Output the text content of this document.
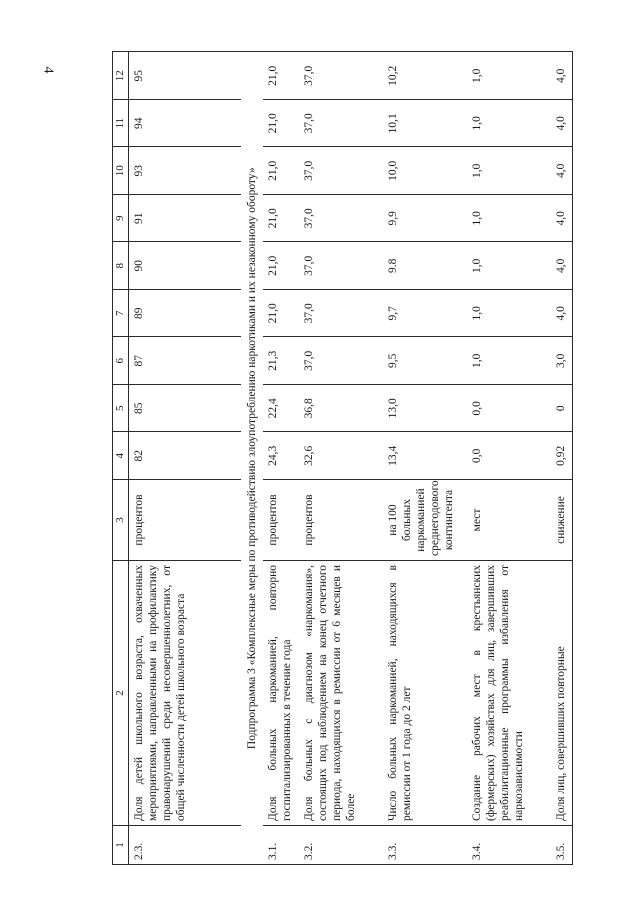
4
1	2	3	4	5	6	7	8	9	10	11	12
2.3.	Доля детей школьного возраста, охваченных мероприятиями, направленными на профилактику правонарушений среди несовершеннолетних, от общей численности детей школьного возраста	процентов	82	85	87	89	90	91	93	94	95
Подпрограмма 3 «Комплексные меры по противодействию злоупотреблению наркотиками и их незаконному обороту»											
3.1.	Доля больных наркоманией, повторно госпитализированных в течение года	процентов	24,3	22,4	21,3	21,0	21,0	21,0	21,0	21,0	21,0
3.2.	Доля больных с диагнозом «наркомания», состоящих под наблюдением на конец отчетного периода, находящихся в ремиссии от 6 месяцев и более	процентов	32,6	36,8	37,0	37,0	37,0	37,0	37,0	37,0	37,0
3.3.	Число больных наркоманией, находящихся в ремиссии от 1 года до 2 лет	на 100 больных наркоманией среднегодового контингента	13,4	13,0	9,5	9,7	9.8	9,9	10,0	10,1	10,2
3.4.	Создание рабочих мест в крестьянских (фермерских) хозяйствах для лиц, завершивших реабилитационные программы избавления от наркозависимости	мест	0,0	0,0	1,0	1,0	1,0	1,0	1,0	1,0	1,0
3.5.	Доля лиц, совершивших повторные	снижение	0,92	0	3,0	4,0	4,0	4,0	4,0	4,0	4,0
